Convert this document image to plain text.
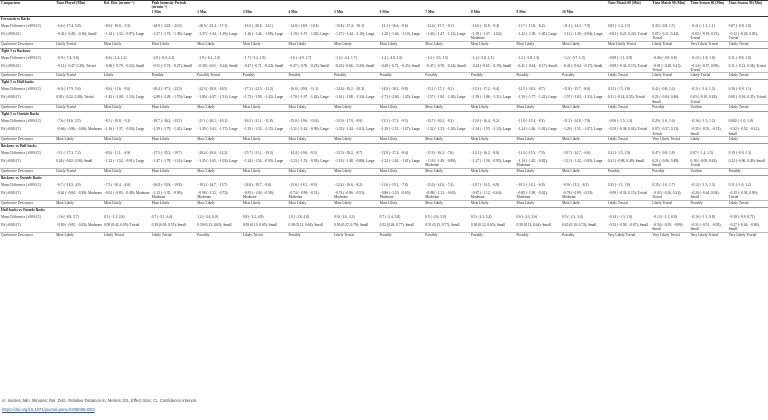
Comparison	Time Played (Min)	Rel. Dist. (m·min⁻¹)	Peak Intensity Periods (m·min⁻¹)										Time Match 60 (Min)	Time Match 90 (Min)	Time Season 60 (Min)	Time Season 90 (Min)
			1 Min	2 Min	3 Min	4 Min	5 Min	6 Min	7 Min	8 Min	9 Min	10 Min				
Forwards vs Backs																
Mean Difference (±90%CI)	−6.6 (−17.4, 5.8)	−8.0 (−10.8, −5.5)	−28.9 (−34.8, −23.0)	−20.9 (−25.4, −17.1)	−16.5 (−20.8, −12.1)	−14.8 (−18.9, −10.4)	−13.8 (−17.4, −10.1)	−13.1 (−16.6, −9.6)	−12.4 (−15.7, −9.1)	−12.6 (−15.8, −9.4)	−11.7 (−15.8, −8.4)	−11.1 (−14.3, −7.9)	0.05 (−1.4, 1.5)	0.35 (−0.8, 1.5)	−0.11 (−1.3, 1.1)	0.07 (−0.9, 1.0)
ES (±90%CI)	−0.32 (−0.49, −0.16); Small	−1.14 (−1.32, −0.97); Large	−1.57 (−1.73, −1.38); Large	−1.37 (−1.54, −1.19); Large	−1.26 (−1.44, −1.09); Large	−1.19 (−1.37, −1.02); Large	−1.27 (−1.44, −1.10); Large	−1.20 (−1.46, −1.10); Large	−1.30 (−1.47, −1.12); Large	−1.19 (−1.37, −1.02); Moderate	−1.22 (−1.39, −1.05); Large	−1.12 (−1.29, −0.94); Large	−0.01 (−0.21, 0.22); Trivial	0.07 (−0.11, 0.24); Trivial	−0.02 (−0.19, 0.15); Trivial	−0.12 (−0.28, 0.05); Trivial
Qualitative Descriptor	Likely Trivial	Most Likely	Most Likely	Most Likely	Most Likely	Most Likely	Most Likely	Most Likely	Most Likely	Most Likely	Most Likely	Most Likely	Most Likely Trivial	Likely Trivial	Very Likely Trivial	Likely Trivial
Tight 5 vs Backrow																
Mean Difference (±90%CI)	−0.9 (−7.4, 5.6)	−6.6 (−2.4, 1.2)	−2.9 (−8.0, 2.2)	−1.9 (−6.1, 2.3)	−1.7 (−5.2, 1.9)	−1.6 (−4.9, 1.7)	−1.3 (−4.4, 1.7)	−1.2 (−4.0, 1.5)	−1.2 (−3.9, 1.5)	−1.2 (−3.8, 1.3)	−1.2 (−3.8, 1.3)	−1.2 (−3.7, 1.3)	−0.09 (−1.1, 0.9)	−0.06 (−0.9, 0.8)	−0.13 (−1.8, 1.6)	0.11 (−0.9, 1.0)
ES (±90%CI)	−0.14 (−0.47, 0.30); Trivial	−0.56 (−0.79, −0.32); Small	−0.51 (−0.74, −0.27); Small	−0.38 (−0.61, −0.14); Small	−0.47 (−0.71, −0.24); Small	−0.47 (−0.70, −0.23); Small	−0.43 (−0.66, −0.20); Small	−0.49 (−0.72, −0.25); Small	−0.47 (−0.70, −0.24); Small	−0.42 (−0.65, −0.19); Small	−0.41 (−0.64, −0.17); Small	−0.41 (−0.64, −0.17); Small	−0.09 (−0.32, 0.15); Trivial	−0.01 (−0.28, 0.21); Trivial	−0.14 (−0.37, 0.09); Trivial	0.11 (−0.12, 0.34); Trivial
Qualitative Descriptor	Likely Trivial	Likely	Possibly	Possibly Trivial	Possibly	Possibly	Possibly	Possibly	Possibly	Possibly	Possibly	Possibly	Likely Trivial	Likely Trivial	Likely Trivial	Likely Trivial
Tight 5 vs Half-backs																
Mean Difference (±90%CI)	−6.0 (−17.9, 5.6)	−8.6 (−11.6, −5.6)	−30.4 (−37.1, −23.5)	−22.3 (−28.0, −16.5)	−17.3 (−22.5, −12.2)	−16.0 (−20.9, −11.1)	−14.8 (−19.2, −10.3)	−14.0 (−18.2, −9.8)	−13.1 (−17.1, −9.1)	−13.3 (−17.2, −9.4)	−12.5 (−16.3, −8.7)	−11.8 (−15.7, −8.0)	0.12 (−1.5, 1.8)	0.41 (−0.8, 1.6)	−0.11 (−1.4, 1.3)	0.16 (−0.9, 1.1)
ES (±90%CI)	0.03 (−0.22, 0.28); Trivial	−1.81 (−2.08, −1.53); Large	−2.00 (−2.28, −1.70); Large	−1.80 (−2.07, −1.51); Large	−1.72 (−1.99, −1.43); Large	−1.70 (−1.97, −1.42); Large	−1.61 (−1.88, −1.33); Large	−1.73 (−2.00, −1.45); Large	−1.57 (−1.84, −1.30); Large	−1.59 (−1.86, −1.31); Large	−1.50 (−1.77, −1.22); Large	−1.57 (−1.82, −1.31); Large	0.11 (−0.14, 0.35); Trivial	0.21 (−0.04, 0.46); Small	0.03 (−0.19, 0.28); Trivial	0.09 (−0.16, 0.35); Trivial
Qualitative Descriptor	Likely Trivial	Most Likely	Most Likely	Most Likely	Most Likely	Most Likely	Most Likely	Most Likely	Most Likely	Most Likely	Most Likely	Most Likely	Likely Trivial	Possibly	Unclear	Likely Trivial
Tight 5 vs Outside Backs																
Mean Difference (±90%CI)	−7.6 (−18.6, 3.5)	−8.1 (−10.8, −5.3)	−28.7 (−36.2, −23.5)	−21.1 (−26.1, −16.1)	−16.5 (−21.1, −11.8)	−15.0 (−19.6, −10.4)	−13.9 (−17.9, −9.9)	−13.3 (−17.1, −9.5)	−12.7 (−16.2, −9.2)	−12.8 (−16.4, −9.2)	−11.9 (−15.4, −8.4)	−11.3 (−14.8, −7.8)	−0.06 (−1.5, 1.4)	0.29 (−1.0, 1.6)	−0.16 (−1.5, 1.2)	0.082 (−1.0, 1.0)
ES (±90%CI)	−0.66 (−0.86, −0.46); Moderate	−1.16 (−1.37, −0.94); Large	−1.59 (−1.79, −1.41); Large	−1.39 (−1.61, −1.17); Large	−1.35 (−1.53, −1.15); Large	−1.21 (−1.42, −0.99); Large	−1.23 (−1.44, −1.01); Large	−1.29 (−1.51, −1.07); Large	−1.32 (−1.53, −1.10); Large	−1.34 (−1.55, −1.12); Large	−1.24 (−1.46, −1.02); Large	−1.29 (−1.51, −1.07); Large	−0.19 (−0.38, 0.02); Trivial	0.07 (−0.27, 0.13); Trivial	−0.35 (−0.55, −0.15); Small	−0.32 (−0.52, −0.12); Small
Qualitative Descriptor	Most Likely	Most Likely	Most Likely	Most Likely	Most Likely	Most Likely	Most Likely	Most Likely	Most Likely	Most Likely	Most Likely	Most Likely	Likely Trivial	Very Likely Trivial	Likely	Likely
Backrow vs Half-backs																
Mean Difference (±90%CI)	−5.1 (−17.3, 7.2)	−8.0 (−11.1, −4.9)	−27.5 (−35.3, −19.7)	−20.4 (−26.6, −14.2)	−15.7 (−21.1, −10.3)	−14.4 (−19.6, −9.3)	−13.5 (−18.2, −8.7)	−12.8 (−17.2, −8.4)	−11.9 (−16.2, −7.6)	−12.1 (−16.2, −8.0)	−11.3 (−15.3, −7.0)	−10.7 (−14.7, −6.6)	0.21 (−1.5, 1.9)	0.47 (−0.8, 1.8)	0.07 (−1.4, 1.5)	0.19 (−0.9, 1.3)
ES (±90%CI)	0.24 (−0.02, 0.50); Small	−1.22 (−1.52, −0.91); Large	−1.47 (−1.78, −1.16); Large	−1.35 (−1.65, −1.03); Large	−1.24 (−1.54, −0.93); Large	−1.23 (−1.53, −0.93); Large	−1.18 (−1.48, −0.88); Large	−1.32 (−1.62, −1.01); Large	−1.19 (−1.49, −0.89); Moderate	−1.27 (−1.56, −0.95); Large	−1.14 (−1.45, −0.82); Moderate	−1.13 (−1.42, −0.83); Large	0.21 (−0.08, 0.49); Small	0.21 (−0.06, 0.49); Small	0.18 (−0.09, 0.44); Trivial	0.22 (−0.06, 0.49); Small
Qualitative Descriptor	Likely Trivial	Most Likely	Most Likely	Most Likely	Most Likely	Most Likely	Most Likely	Most Likely	Most Likely	Most Likely	Most Likely	Most Likely	Possibly	Possibly	Unclear	Possibly
Backrow vs Outside Backs																
Mean Difference (±90%CI)	−6.7 (−18.3, 4.9)	−7.5 (−10.4, −4.6)	−26.8 (−33.8, −19.8)	−19.2 (−24.7, −13.7)	−14.8 (−19.7, −9.8)	−13.6 (−18.1, −8.9)	−12.4 (−16.6, −8.2)	−11.6 (−15.3, −7.8)	−11.0 (−14.6, −7.4)	−10.7 (−14.5, −6.9)	−10.5 (−14.1, −6.8)	−9.9 (−13.5, −6.3)	0.35 (−1.1, 1.8)	0.35 (−1.0, 1.7)	−0.12 (−1.5, 1.3)	0.11 (−1.0, 1.2)
ES (±90%CI)	−0.62 (−0.84, −0.39); Moderate	−0.61 (−0.83, −0.38); Moderate	−1.13 (−1.35, −0.90); Moderate	−0.98 (−1.21, −0.72); Moderate	−0.81 (−1.04, −0.58); Moderate	−0.74 (−0.99, −0.51); Moderate	−0.74 (−0.96, −0.51); Moderate	−0.86 (−1.10, −0.63); Moderate	−0.88 (−1.12, −0.65); Moderate	−0.87 (−1.12, −0.64); Moderate	−0.85 (−1.09, −0.62); Moderate	−0.76 (−0.99, −0.53); Moderate	−0.09 (−0.33, 0.15); Trivial	−0.03 (−0.26, 0.21); Trivial	−0.20 (−0.44, 0.04); Small	−0.15 (−0.38, 0.09); Trivial
Qualitative Descriptor	Most Likely	Most Likely	Most Likely	Most Likely	Most Likely	Most Likely	Most Likely	Most Likely	Most Likely	Most Likely	Most Likely	Most Likely	Likely Trivial	Likely Trivial	Possibly	Likely Trivial
Half-backs vs Outside Backs																
Mean Difference (±90%CI)	−1.6 (−8.8, 5.7)	0.5 (−1.3, 2.6)	0.7 (−5.1, 6.4)	1.2 (−3.4, 6.0)	0.8 (−3.2, 4.8)	1.0 (−2.8, 4.8)	0.9 (−2.6, 4.3)	0.7 (−2.4, 3.8)	0.5 (−2.6, 3.0)	0.5 (−2.3, 3.4)	0.6 (−2.3, 3.6)	0.5 (−2.3, 3.4)	−0.14 (−1.3, 1.0)	−0.13 (−1.1, 0.8)	−0.16 (−1.1, 0.8)	−0.18 (−0.9, 0.71)
ES (±90%CI)	−0.69 (−0.85, −0.43); Moderate	0.09 (0.42, 0.95); Trivial	0.29 (0.03, 0.55); Small	0.39 (0.13, 0.65); Small	0.39 (0.13, 0.65); Small	0.38 (0.12, 0.64); Small	0.50 (0.27, 0.79); Small	0.52 (0.26, 0.77); Small	0.51 (0.25, 0.77); Small	0.38 (0.12, 0.65); Small	0.39 (0.13, 0.64); Small	0.45 (0.19, 0.72); Small	−0.33 (−0.58, −0.07); Small	−0.34 (−0.59, −0.09); Small	−0.31 (−0.51, −0.03); Small	−0.27 (−0.46, −0.06); Small
Qualitative Descriptor	Most Likely	Likely Trivial	Likely Trivial	Possibly	Likely Trivial	Possibly	Likely Trivial	Possibly	Possibly	Possibly	Possibly	Possibly	Very Likely Trivial	Very Likely Trivial	Very Likely Trivial	Very Likely Trivial
m, metres; Min, Minutes; Rel. Dist., Relative Distance m, Metres; ES, Effect Size; CI, Confidence Interval.
https://doi.org/10.1371/journal.pone.0208088.t003
